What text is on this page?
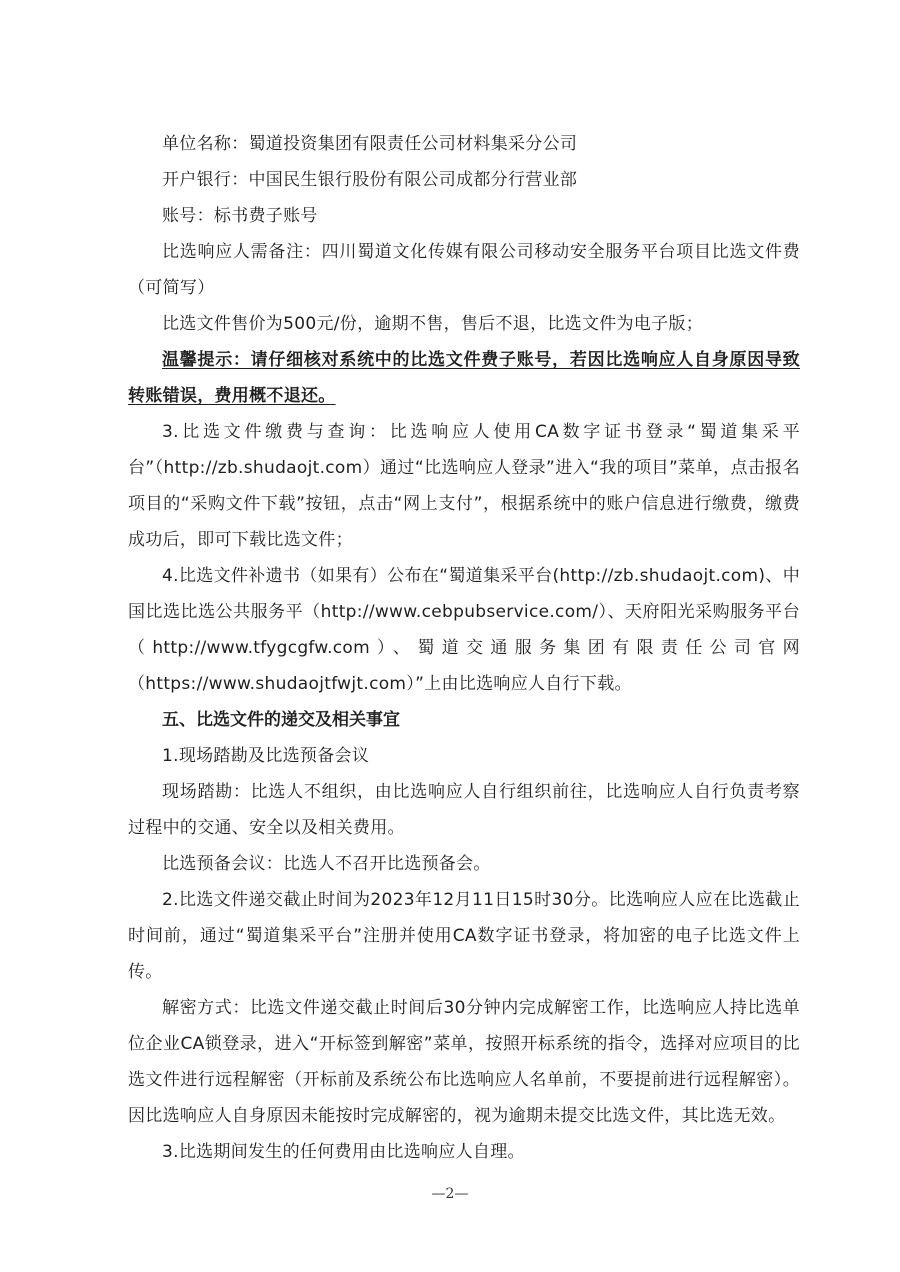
单位名称：蜀道投资集团有限责任公司材料集采分公司

开户银行：中国民生银行股份有限公司成都分行营业部

账号：标书费子账号

比选响应人需备注：四川蜀道文化传媒有限公司移动安全服务平台项目比选文件费（可简写）

比选文件售价为500元/份，逾期不售，售后不退，比选文件为电子版；

温馨提示：请仔细核对系统中的比选文件费子账号，若因比选响应人自身原因导致转账错误，费用概不退还。

3.比选文件缴费与查询：比选响应人使用CA数字证书登录“蜀道集采平台”（http://zb.shudaojt.com）通过“比选响应人登录”进入“我的项目”菜单，点击报名项目的“采购文件下载”按钮，点击“网上支付”，根据系统中的账户信息进行缴费，缴费成功后，即可下载比选文件；

4.比选文件补遗书（如果有）公布在“蜀道集采平台(http://zb.shudaojt.com)、中国比选比选公共服务平（http://www.cebpubservice.com/）、天府阳光采购服务平台（http://www.tfygcgfw.com）、蜀道交通服务集团有限责任公司官网（https://www.shudaojtfwjt.com）”上由比选响应人自行下载。

五、比选文件的递交及相关事宜

1.现场踏勘及比选预备会议

现场踏勘：比选人不组织，由比选响应人自行组织前往，比选响应人自行负责考察过程中的交通、安全以及相关费用。

比选预备会议：比选人不召开比选预备会。

2.比选文件递交截止时间为2023年12月11日15时30分。比选响应人应在比选截止时间前，通过“蜀道集采平台”注册并使用CA数字证书登录，将加密的电子比选文件上传。

解密方式：比选文件递交截止时间后30分钟内完成解密工作，比选响应人持比选单位企业CA锁登录，进入“开标签到解密”菜单，按照开标系统的指令，选择对应项目的比选文件进行远程解密（开标前及系统公布比选响应人名单前，不要提前进行远程解密）。因比选响应人自身原因未能按时完成解密的，视为逾期未提交比选文件，其比选无效。

3.比选期间发生的任何费用由比选响应人自理。

—2—
